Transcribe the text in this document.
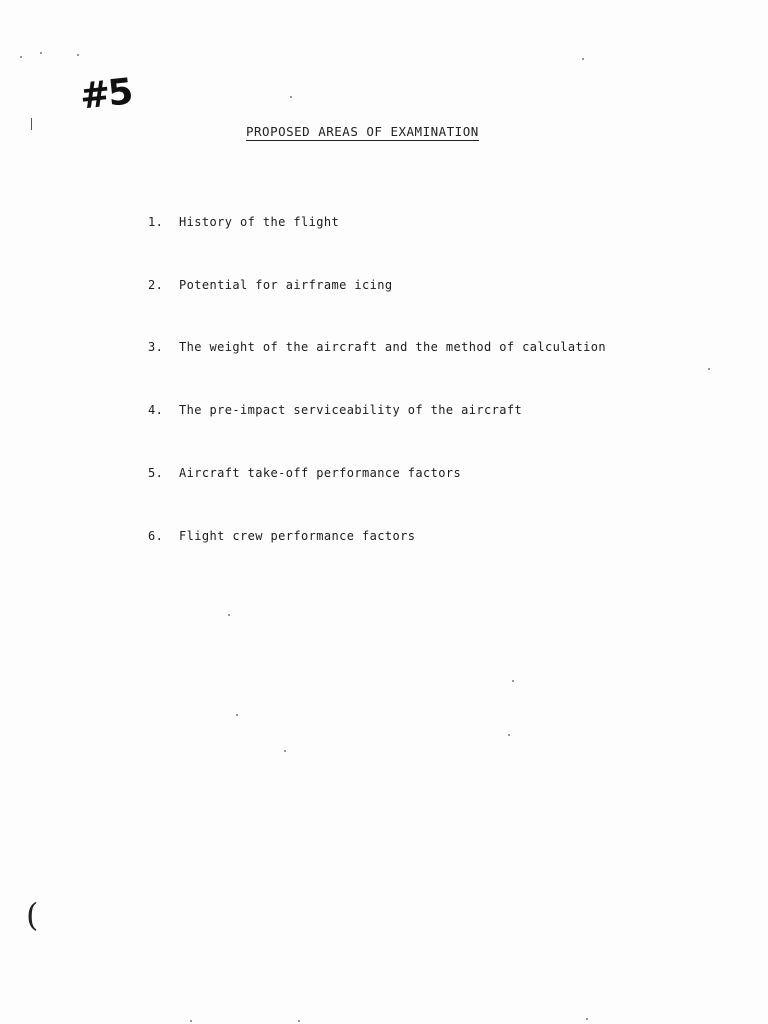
#5
PROPOSED AREAS OF EXAMINATION
1. History of the flight
2. Potential for airframe icing
3. The weight of the aircraft and the method of calculation
4. The pre-impact serviceability of the aircraft
5. Aircraft take-off performance factors
6. Flight crew performance factors
(
